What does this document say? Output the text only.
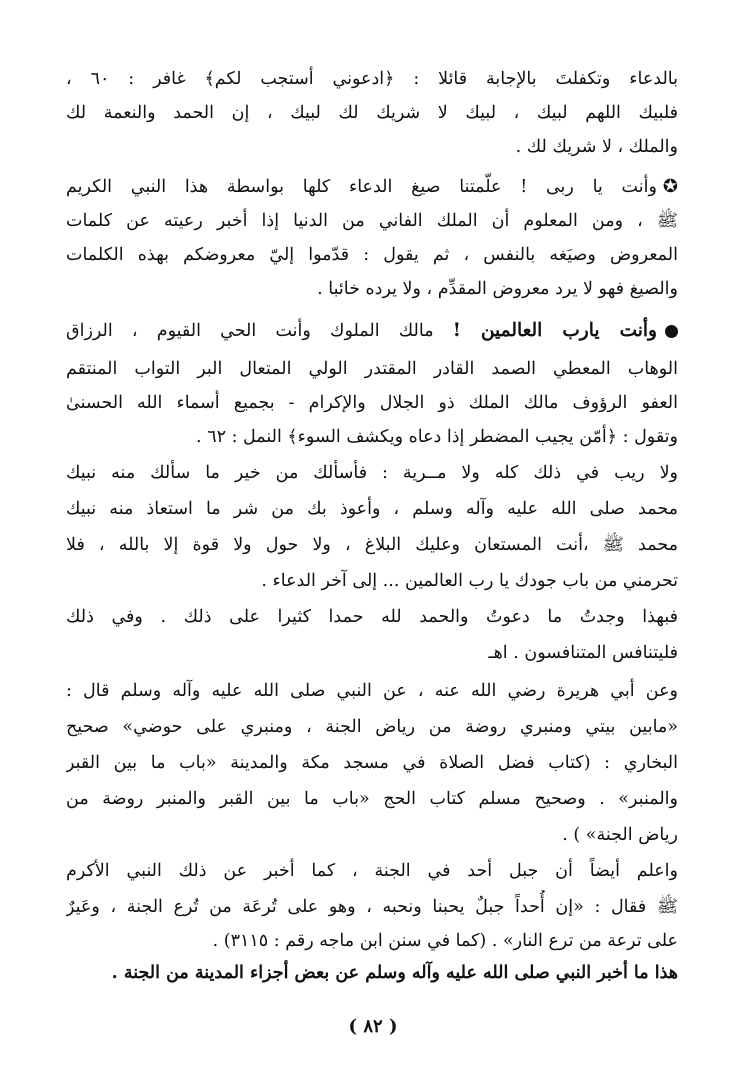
بالدعاء وتكفلتَ بالإجابة قائلا : ﴿ادعوني أستجب لكم﴾ غافر : ٦٠ ،
فلبيك اللهم لبيك ، لبيك لا شريك لك لبيك ، إن الحمد والنعمة لك
والملك ، لا شريك لك .
✪وأنت يا ربى ! علّمتنا صيغ الدعاء كلها بواسطة هذا النبي الكريم
ﷺ ، ومن المعلوم أن الملك الفاني من الدنيا إذا أخبر رعيته عن كلمات
المعروض وصيَغه بالنفس ، ثم يقول : قدّموا إليّ معروضكم بهذه الكلمات
والصيغ فهو لا يرد معروض المقدِّم ، ولا يرده خائبا .
وأنت يارب العالمين ! مالك الملوك وأنت الحي القيوم ، الرزاق
الوهاب المعطي الصمد القادر المقتدر الولي المتعال البر التواب المنتقم
العفو الرؤوف مالك الملك ذو الجلال والإكرام - بجميع أسماء الله الحسنىٰ
وتقول : ﴿أمّن يجيب المضطر إذا دعاه ويكشف السوء﴾ النمل : ٦٢ .
ولا ريب في ذلك كله ولا مــرية : فأسألك من خير ما سألك منه نبيك
محمد صلى الله عليه وآله وسلم ، وأعوذ بك من شر ما استعاذ منه نبيك
محمد ﷺ ،أنت المستعان وعليك البلاغ ، ولا حول ولا قوة إلا بالله ، فلا
تحرمني من باب جودك يا رب العالمين ... إلى آخر الدعاء .
فبهذا وجدتُ ما دعوتُ والحمد لله حمدا كثيرا على ذلك . وفي ذلك
فليتنافس المتنافسون . اهـ
وعن أبي هريرة رضي الله عنه ، عن النبي صلى الله عليه وآله وسلم قال :
«مابين بيتي ومنبري روضة من رياض الجنة ، ومنبري على حوضي» صحيح
البخاري : (كتاب فضل الصلاة في مسجد مكة والمدينة «باب ما بين القبر
والمنبر» . وصحيح مسلم كتاب الحج «باب ما بين القبر والمنبر روضة من
رياض الجنة» ) .
واعلم أيضاً أن جبل أحد في الجنة ، كما أخبر عن ذلك النبي الأكرم
ﷺ فقال : «إن أُحداً جبلٌ يحبنا ونحبه ، وهو على تُرعَة من تُرع الجنة ، وعَيرٌ
على ترعة من ترع النار» . (كما في سنن ابن ماجه رقم : ٣١١٥) .
هذا ما أخبر النبي صلى الله عليه وآله وسلم عن بعض أجزاء المدينة من الجنة .
( ٨٢ )
